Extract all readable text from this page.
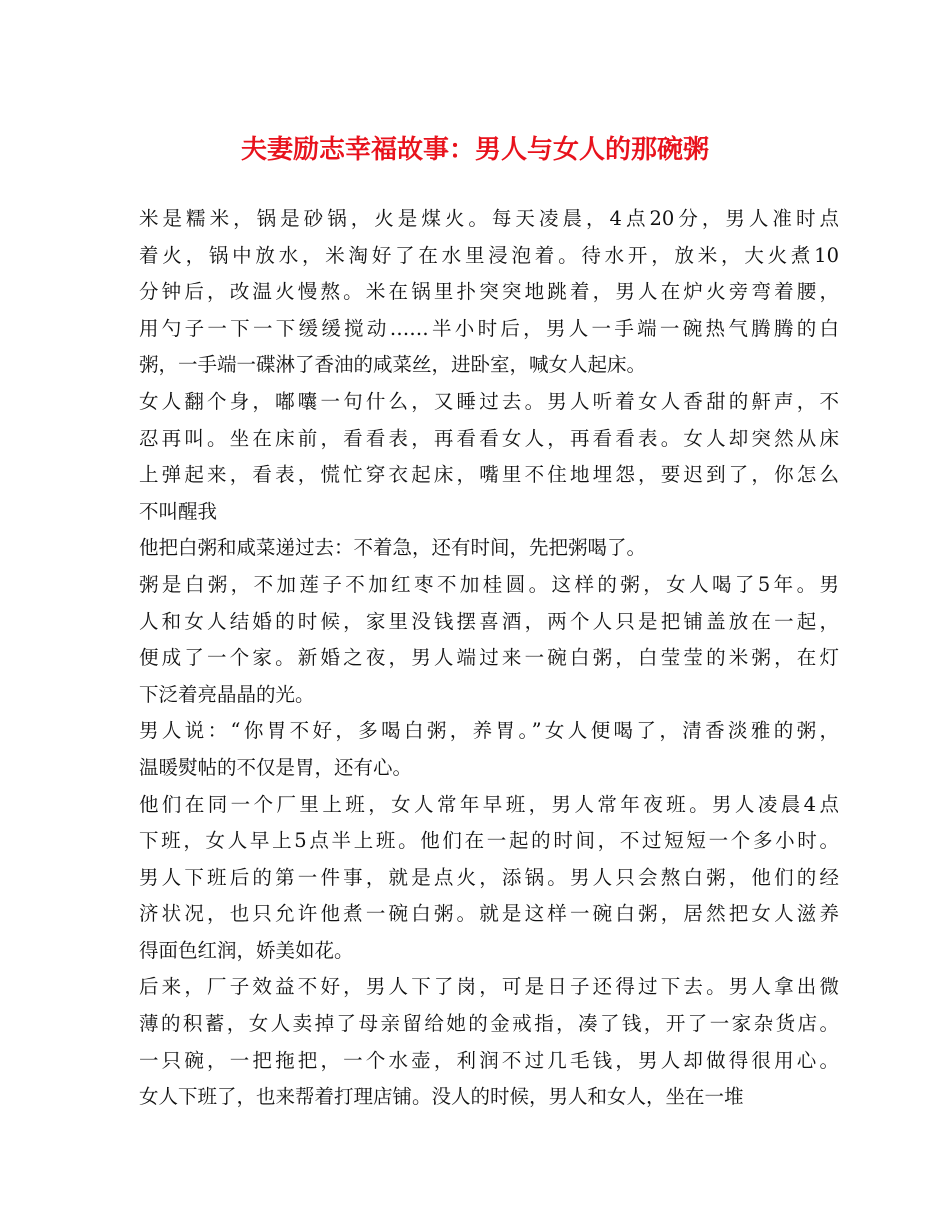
夫妻励志幸福故事：男人与女人的那碗粥
米是糯米，锅是砂锅，火是煤火。每天凌晨，4点20分，男人准时点
着火，锅中放水，米淘好了在水里浸泡着。待水开，放米，大火煮10
分钟后，改温火慢熬。米在锅里扑突突地跳着，男人在炉火旁弯着腰，
用勺子一下一下缓缓搅动……半小时后，男人一手端一碗热气腾腾的白
粥，一手端一碟淋了香油的咸菜丝，进卧室，喊女人起床。
女人翻个身，嘟囔一句什么，又睡过去。男人听着女人香甜的鼾声，不
忍再叫。坐在床前，看看表，再看看女人，再看看表。女人却突然从床
上弹起来，看表，慌忙穿衣起床，嘴里不住地埋怨，要迟到了，你怎么
不叫醒我
他把白粥和咸菜递过去：不着急，还有时间，先把粥喝了。
粥是白粥，不加莲子不加红枣不加桂圆。这样的粥，女人喝了5年。男
人和女人结婚的时候，家里没钱摆喜酒，两个人只是把铺盖放在一起，
便成了一个家。新婚之夜，男人端过来一碗白粥，白莹莹的米粥，在灯
下泛着亮晶晶的光。
男人说：“你胃不好，多喝白粥，养胃。”女人便喝了，清香淡雅的粥，
温暖熨帖的不仅是胃，还有心。
他们在同一个厂里上班，女人常年早班，男人常年夜班。男人凌晨4点
下班，女人早上5点半上班。他们在一起的时间，不过短短一个多小时。
男人下班后的第一件事，就是点火，添锅。男人只会熬白粥，他们的经
济状况，也只允许他煮一碗白粥。就是这样一碗白粥，居然把女人滋养
得面色红润，娇美如花。
后来，厂子效益不好，男人下了岗，可是日子还得过下去。男人拿出微
薄的积蓄，女人卖掉了母亲留给她的金戒指，凑了钱，开了一家杂货店。
一只碗，一把拖把，一个水壶，利润不过几毛钱，男人却做得很用心。
女人下班了，也来帮着打理店铺。没人的时候，男人和女人，坐在一堆
